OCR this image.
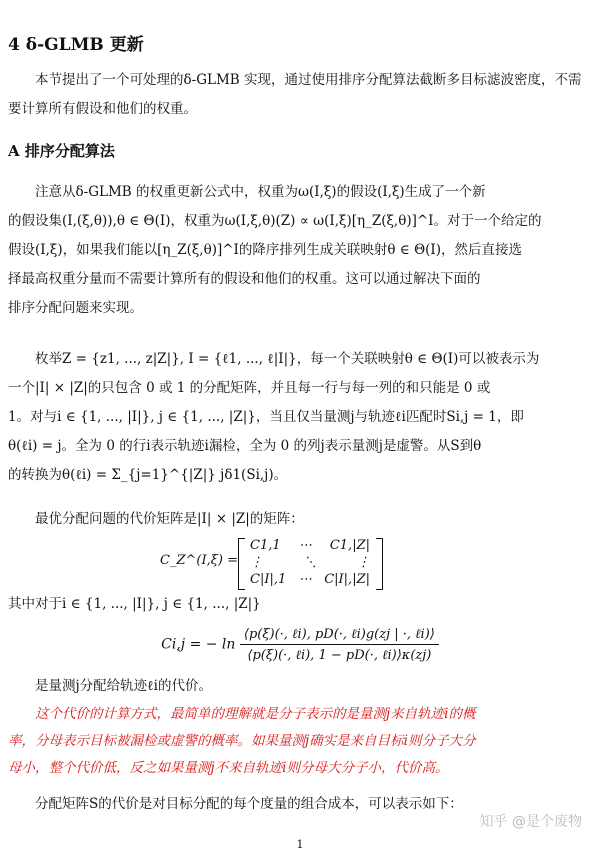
4 δ-GLMB 更新
本节提出了一个可处理的δ-GLMB 实现，通过使用排序分配算法截断多目标滤波密度，不需要计算所有假设和他们的权重。
A 排序分配算法
注意从δ-GLMB 的权重更新公式中，权重为ω(I,ξ)的假设(I,ξ)生成了一个新
的假设集(I,(ξ,θ)),θ ∈ Θ(I)，权重为ω(I,ξ,θ)(Z) ∝ ω(I,ξ)[η_Z(ξ,θ)]^I。对于一个给定的
假设(I,ξ)，如果我们能以[η_Z(ξ,θ)]^I的降序排列生成关联映射θ ∈ Θ(I)，然后直接选
择最高权重分量而不需要计算所有的假设和他们的权重。这可以通过解决下面的
排序分配问题来实现。
枚举Z = {z1, ..., z|Z|}, I = {ℓ1, ..., ℓ|I|}，每一个关联映射θ ∈ Θ(I)可以被表示为
一个|I| × |Z|的只包含 0 或 1 的分配矩阵，并且每一行与每一列的和只能是 0 或
1。对与i ∈ {1, ..., |I|}, j ∈ {1, ..., |Z|}，当且仅当量测j与轨迹ℓi匹配时Si,j = 1，即
θ(ℓi) = j。全为 0 的行i表示轨迹i漏检，全为 0 的列j表示量测j是虚警。从S到θ
的转换为θ(ℓi) = Σ_{j=1}^{|Z|} jδ1(Si,j)。
最优分配问题的代价矩阵是|I| × |Z|的矩阵：
C_Z^(I,ξ) =
C1,1 ⋯ C1,|Z|
⋮	⋱	⋮
C|I|,1 ⋯ C|I|,|Z|
其中对于i ∈ {1, ..., |I|}, j ∈ {1, ..., |Z|}
Ci,j = − $\ln \frac{\text{⟨p(ξ)(·, ℓi), pD(·, ℓi)g(zj | ·, ℓi)⟩}}{\text{⟨p(ξ)(·, ℓi), 1 − pD(·, ℓi)⟩κ(zj)}}$
是量测j分配给轨迹ℓi的代价。
这个代价的计算方式，最简单的理解就是分子表示的是量测j来自轨迹i的概
率，分母表示目标被漏检或虚警的概率。如果量测j确实是来自目标i则分子大分
母小，整个代价低，反之如果量测j不来自轨迹i则分母大分子小，代价高。
分配矩阵S的代价是对目标分配的每个度量的组合成本，可以表示如下：
1
知乎 @是个废物
